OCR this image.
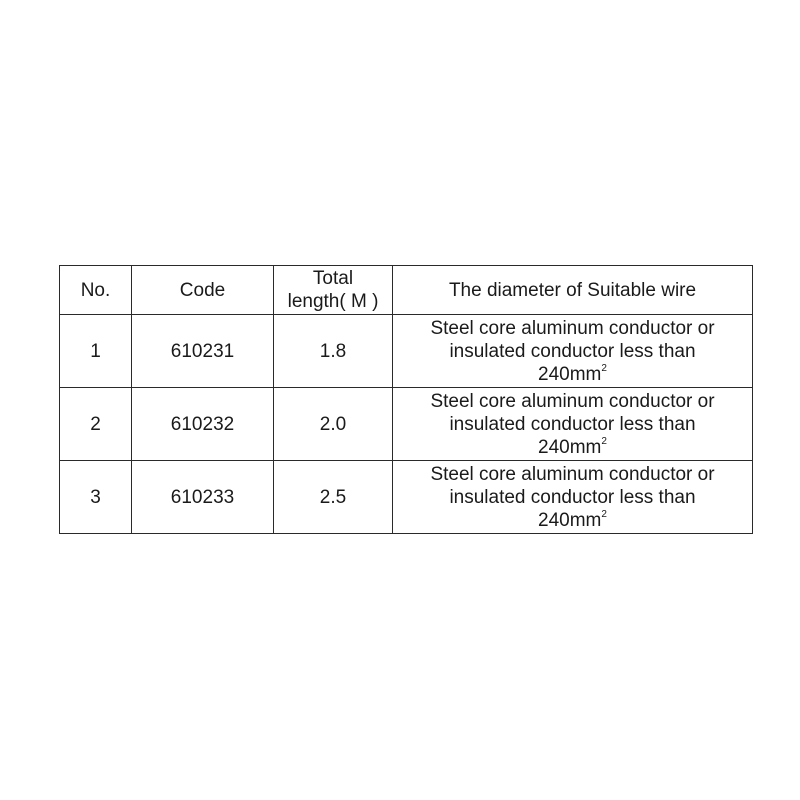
No.	Code	Total
length( M )	The diameter of Suitable wire
1	610231	1.8	Steel core aluminum conductor or
insulated conductor less than
$240mm^2$

2	610232	2.0	Steel core aluminum conductor or
insulated conductor less than
$240mm^2$

3	610233	2.5	Steel core aluminum conductor or
insulated conductor less than
$240mm^2$
